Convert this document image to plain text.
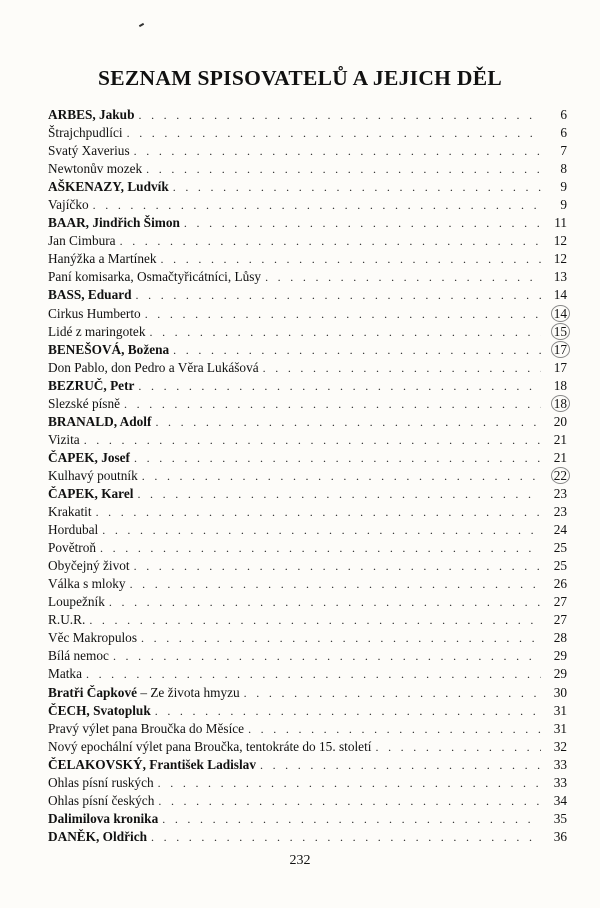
SEZNAM SPISOVATELŮ A JEJICH DĚL
ARBES, Jakub . . .	6
Štrajchpudlíci . . .	6
Svatý Xaverius . . .	7
Newtonův mozek . . .	8
AŠKENAZY, Ludvík . . .	9
Vajíčko . . .	9
BAAR, Jindřich Šimon . . .	11
Jan Cimbura . . .	12
Hanýžka a Martínek . . .	12
Paní komisarka, Osmačtyřicátníci, Lůsy . . .	13
BASS, Eduard . . .	14
Cirkus Humberto . . .	14
Lidé z maringotek . . .	15
BENEŠOVÁ, Božena . . .	17
Don Pablo, don Pedro a Věra Lukášová . . .	17
BEZRUČ, Petr . . .	18
Slezské písně . . .	18
BRANALD, Adolf . . .	20
Vizita . . .	21
ČAPEK, Josef . . .	21
Kulhavý poutník . . .	22
ČAPEK, Karel . . .	23
Krakatit . . .	23
Hordubal . . .	24
Povětroň . . .	25
Obyčejný život . . .	25
Válka s mloky . . .	26
Loupežník . . .	27
R.U.R. . . .	27
Věc Makropulos . . .	28
Bílá nemoc . . .	29
Matka . . .	29
Bratři Čapkové – Ze života hmyzu . . .	30
ČECH, Svatopluk . . .	31
Pravý výlet pana Broučka do Měsíce . . .	31
Nový epochální výlet pana Broučka, tentokráte do 15. století . . .	32
ČELAKOVSKÝ, František Ladislav . . .	33
Ohlas písní ruských . . .	33
Ohlas písní českých . . .	34
Dalimilova kronika . . .	35
DANĚK, Oldřich . . .	36
232
